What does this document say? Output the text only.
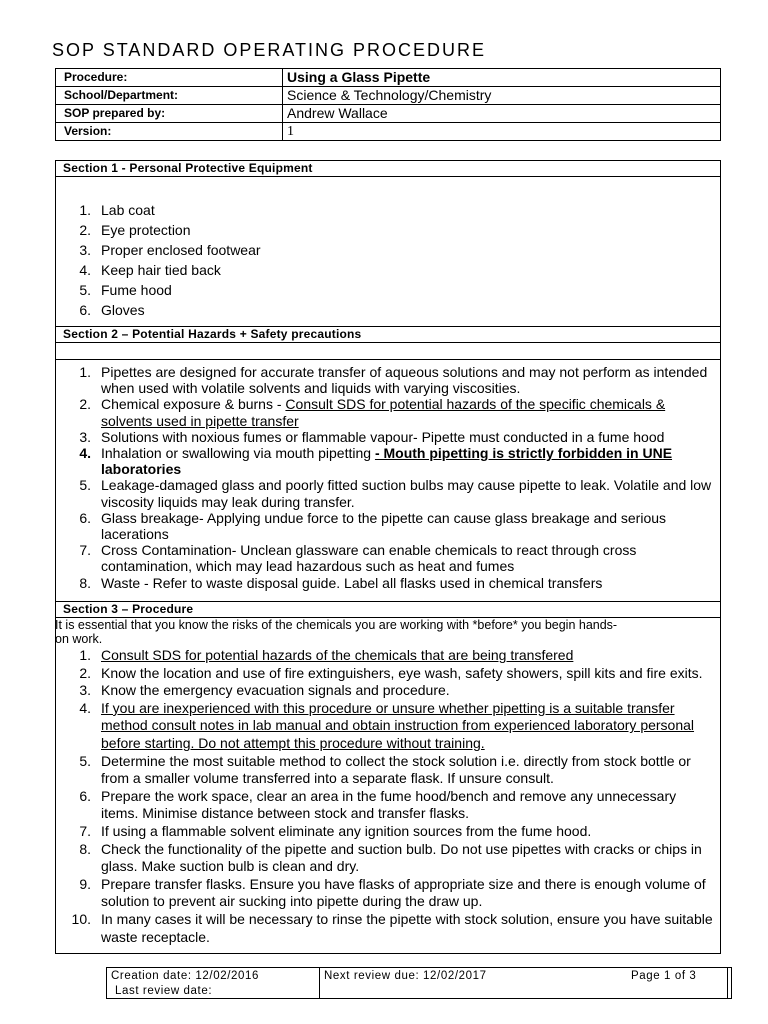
SOP STANDARD OPERATING PROCEDURE
Procedure:	Using a Glass Pipette
School/Department:	Science & Technology/Chemistry
SOP prepared by:	Andrew Wallace
Version:	1
Section 1 - Personal Protective Equipment
1. Lab coat
2. Eye protection
3. Proper enclosed footwear
4. Keep hair tied back
5. Fume hood
6. Gloves
Section 2 – Potential Hazards + Safety precautions
1. Pipettes are designed for accurate transfer of aqueous solutions and may not perform as intended
when used with volatile solvents and liquids with varying viscosities.
2. Chemical exposure & burns - Consult SDS for potential hazards of the specific chemicals &
solvents used in pipette transfer
3. Solutions with noxious fumes or flammable vapour- Pipette must conducted in a fume hood
4. Inhalation or swallowing via mouth pipetting - Mouth pipetting is strictly forbidden in UNE
laboratories
5. Leakage-damaged glass and poorly fitted suction bulbs may cause pipette to leak. Volatile and low
viscosity liquids may leak during transfer.
6. Glass breakage- Applying undue force to the pipette can cause glass breakage and serious
lacerations
7. Cross Contamination- Unclean glassware can enable chemicals to react through cross
contamination, which may lead hazardous such as heat and fumes
8. Waste - Refer to waste disposal guide. Label all flasks used in chemical transfers
Section 3 – Procedure
It is essential that you know the risks of the chemicals you are working with *before* you begin hands-
on work.
1. Consult SDS for potential hazards of the chemicals that are being transfered
2. Know the location and use of fire extinguishers, eye wash, safety showers, spill kits and fire exits.
3. Know the emergency evacuation signals and procedure.
4. If you are inexperienced with this procedure or unsure whether pipetting is a suitable transfer
method consult notes in lab manual and obtain instruction from experienced laboratory personal
before starting. Do not attempt this procedure without training.
5. Determine the most suitable method to collect the stock solution i.e. directly from stock bottle or
from a smaller volume transferred into a separate flask. If unsure consult.
6. Prepare the work space, clear an area in the fume hood/bench and remove any unnecessary
items. Minimise distance between stock and transfer flasks.
7. If using a flammable solvent eliminate any ignition sources from the fume hood.
8. Check the functionality of the pipette and suction bulb. Do not use pipettes with cracks or chips in
glass. Make suction bulb is clean and dry.
9. Prepare transfer flasks. Ensure you have flasks of appropriate size and there is enough volume of
solution to prevent air sucking into pipette during the draw up.
10. In many cases it will be necessary to rinse the pipette with stock solution, ensure you have suitable
waste receptacle.
Creation date: 12/02/2016
Last review date:
Next review due: 12/02/2017	Page 1 of 3
